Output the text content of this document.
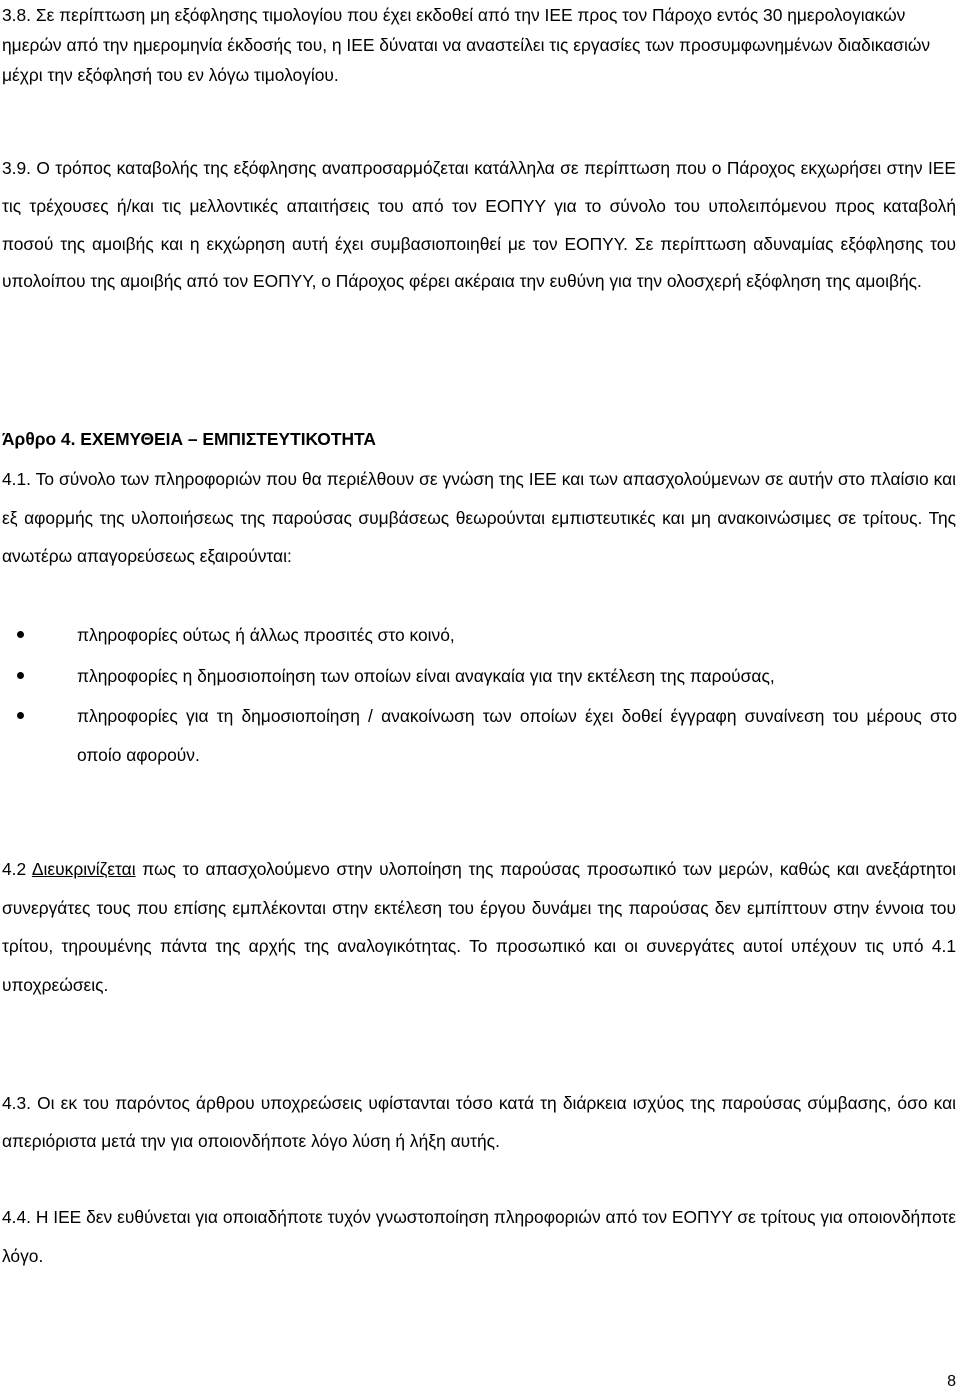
3.8. Σε περίπτωση μη εξόφλησης τιμολογίου που έχει εκδοθεί από την ΙΕΕ προς τον Πάροχο εντός 30 ημερολογιακών ημερών από την ημερομηνία έκδοσής του, η ΙΕΕ δύναται να αναστείλει τις εργασίες των προσυμφωνημένων διαδικασιών μέχρι την εξόφλησή του εν λόγω τιμολογίου.

3.9. Ο τρόπος καταβολής της εξόφλησης αναπροσαρμόζεται κατάλληλα σε περίπτωση που ο Πάροχος εκχωρήσει στην ΙΕΕ τις τρέχουσες ή/και τις μελλοντικές απαιτήσεις του από τον ΕΟΠΥΥ για το σύνολο του υπολειπόμενου προς καταβολή ποσού της αμοιβής και η εκχώρηση αυτή έχει συμβασιοποιηθεί με τον ΕΟΠΥΥ. Σε περίπτωση αδυναμίας εξόφλησης του υπολοίπου της αμοιβής από τον ΕΟΠΥΥ, ο Πάροχος φέρει ακέραια την ευθύνη για την ολοσχερή εξόφληση της αμοιβής.

Άρθρο 4. ΕΧΕΜΥΘΕΙΑ – ΕΜΠΙΣΤΕΥΤΙΚΟΤΗΤΑ

4.1. Το σύνολο των πληροφοριών που θα περιέλθουν σε γνώση της ΙΕΕ και των απασχολούμενων σε αυτήν στο πλαίσιο και εξ αφορμής της υλοποιήσεως της παρούσας συμβάσεως θεωρούνται εμπιστευτικές και μη ανακοινώσιμες σε τρίτους. Της ανωτέρω απαγορεύσεως εξαιρούνται:

πληροφορίες ούτως ή άλλως προσιτές στο κοινό,
πληροφορίες η δημοσιοποίηση των οποίων είναι αναγκαία για την εκτέλεση της παρούσας,
πληροφορίες για τη δημοσιοποίηση / ανακοίνωση των οποίων έχει δοθεί έγγραφη συναίνεση του μέρους στο οποίο αφορούν.

4.2 Διευκρινίζεται πως το απασχολούμενο στην υλοποίηση της παρούσας προσωπικό των μερών, καθώς και ανεξάρτητοι συνεργάτες τους που επίσης εμπλέκονται στην εκτέλεση του έργου δυνάμει της παρούσας δεν εμπίπτουν στην έννοια του τρίτου, τηρουμένης πάντα της αρχής της αναλογικότητας. Το προσωπικό και οι συνεργάτες αυτοί υπέχουν τις υπό 4.1 υποχρεώσεις.

4.3. Οι εκ του παρόντος άρθρου υποχρεώσεις υφίστανται τόσο κατά τη διάρκεια ισχύος της παρούσας σύμβασης, όσο και απεριόριστα μετά την για οποιονδήποτε λόγο λύση ή λήξη αυτής.

4.4. Η ΙΕΕ δεν ευθύνεται για οποιαδήποτε τυχόν γνωστοποίηση πληροφοριών από τον ΕΟΠΥΥ σε τρίτους για οποιονδήποτε λόγο.

8
